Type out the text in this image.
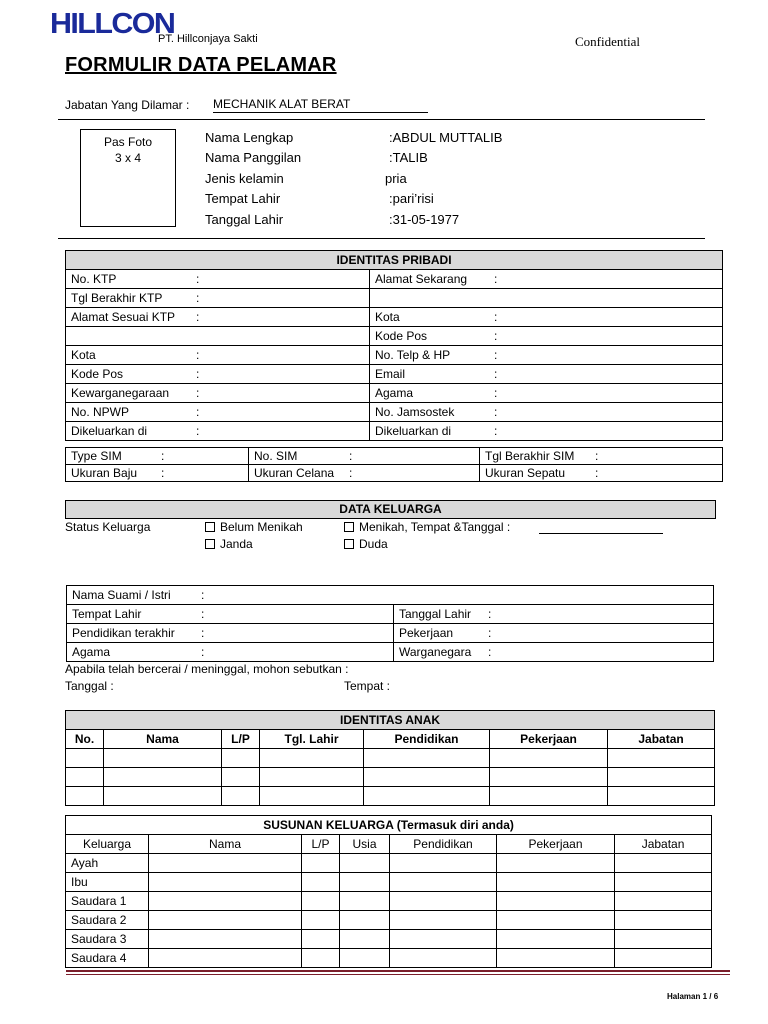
HILLCON
PT. Hillconjaya Sakti	Confidential
FORMULIR DATA PELAMAR
Jabatan Yang Dilamar : MECHANIK ALAT BERAT
Pas Foto
3 x 4
Nama Lengkap	:ABDUL MUTTALIB
Nama Panggilan	:TALIB
Jenis kelamin	pria
Tempat Lahir	:pari’risi
Tanggal Lahir	:31-05-1977
IDENTITAS PRIBADI	
No. KTP :	Alamat Sekarang :

Tgl Berakhir KTP :	

Alamat Sesuai KTP :	Kota :

	Kode Pos :

Kota :	No. Telp & HP :

Kode Pos :	Email :

Kewarganegaraan :	Agama :

No. NPWP :	No. Jamsostek :

Dikeluarkan di :	Dikeluarkan di :
Type SIM :	No. SIM :	Tgl Berakhir SIM :

Ukuran Baju :	Ukuran Celana :	Ukuran Sepatu :
DATA KELUARGA
Status Keluarga	Belum Menikah	Menikah, Tempat &Tanggal :
Janda	Duda
Nama Suami / Istri :	

Tempat Lahir :	Tanggal Lahir :

Pendidikan terakhir :	Pekerjaan :

Agama :	Warganegara :
Apabila telah bercerai / meninggal, mohon sebutkan :
Tanggal :	Tempat :
IDENTITAS ANAK						
No.	Nama	L/P	Tgl. Lahir	Pendidikan	Pekerjaan	Jabatan

SUSUNAN KELUARGA (Termasuk diri anda)						
Keluarga	Nama	L/P	Usia	Pendidikan	Pekerjaan	Jabatan
Ayah						
Ibu						
Saudara 1						
Saudara 2						
Saudara 3						
Saudara 4						
Halaman 1 / 6
